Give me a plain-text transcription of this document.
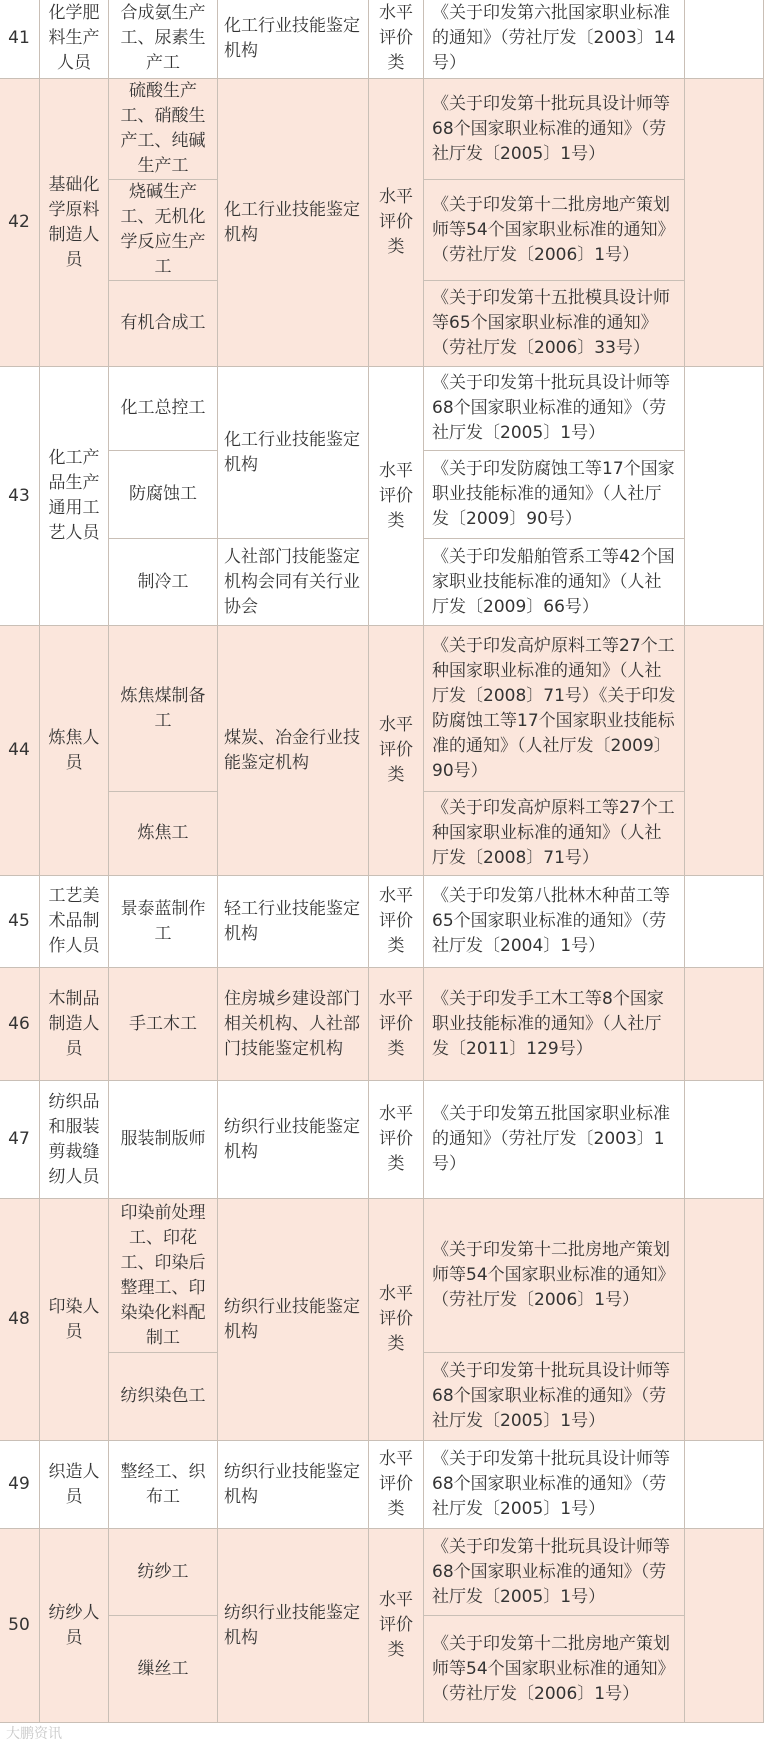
41	化学肥料生产人员	合成氨生产工、尿素生产工	化工行业技能鉴定机构	水平评价类	《关于印发第六批国家职业标准的通知》（劳社厅发〔2003〕14号）	
42	基础化学原料制造人员	硫酸生产工、硝酸生产工、纯碱生产工	化工行业技能鉴定机构	水平评价类	《关于印发第十批玩具设计师等68个国家职业标准的通知》（劳社厅发〔2005〕1号）	
		烧碱生产工、无机化学反应生产工			《关于印发第十二批房地产策划师等54个国家职业标准的通知》（劳社厅发〔2006〕1号）	
		有机合成工			《关于印发第十五批模具设计师等65个国家职业标准的通知》（劳社厅发〔2006〕33号）	
43	化工产品生产通用工艺人员	化工总控工	化工行业技能鉴定机构	水平评价类	《关于印发第十批玩具设计师等68个国家职业标准的通知》（劳社厅发〔2005〕1号）	
		防腐蚀工			《关于印发防腐蚀工等17个国家职业技能标准的通知》（人社厅发〔2009〕90号）	
		制冷工	人社部门技能鉴定机构会同有关行业协会		《关于印发船舶管系工等42个国家职业技能标准的通知》（人社厅发〔2009〕66号）	
44	炼焦人员	炼焦煤制备工	煤炭、冶金行业技能鉴定机构	水平评价类	《关于印发高炉原料工等27个工种国家职业标准的通知》（人社厅发〔2008〕71号）《关于印发防腐蚀工等17个国家职业技能标准的通知》（人社厅发〔2009〕90号）	
		炼焦工			《关于印发高炉原料工等27个工种国家职业标准的通知》（人社厅发〔2008〕71号）	
45	工艺美术品制作人员	景泰蓝制作工	轻工行业技能鉴定机构	水平评价类	《关于印发第八批林木种苗工等65个国家职业标准的通知》（劳社厅发〔2004〕1号）	
46	木制品制造人员	手工木工	住房城乡建设部门相关机构、人社部门技能鉴定机构	水平评价类	《关于印发手工木工等8个国家职业技能标准的通知》（人社厅发〔2011〕129号）	
47	纺织品和服装剪裁缝纫人员	服装制版师	纺织行业技能鉴定机构	水平评价类	《关于印发第五批国家职业标准的通知》（劳社厅发〔2003〕1号）	
48	印染人员	印染前处理工、印花工、印染后整理工、印染染化料配制工	纺织行业技能鉴定机构	水平评价类	《关于印发第十二批房地产策划师等54个国家职业标准的通知》（劳社厅发〔2006〕1号）	
		纺织染色工			《关于印发第十批玩具设计师等68个国家职业标准的通知》（劳社厅发〔2005〕1号）	
49	织造人员	整经工、织布工	纺织行业技能鉴定机构	水平评价类	《关于印发第十批玩具设计师等68个国家职业标准的通知》（劳社厅发〔2005〕1号）	
50	纺纱人员	纺纱工	纺织行业技能鉴定机构	水平评价类	《关于印发第十批玩具设计师等68个国家职业标准的通知》（劳社厅发〔2005〕1号）	
		缫丝工			《关于印发第十二批房地产策划师等54个国家职业标准的通知》（劳社厅发〔2006〕1号）	
大鹏资讯
